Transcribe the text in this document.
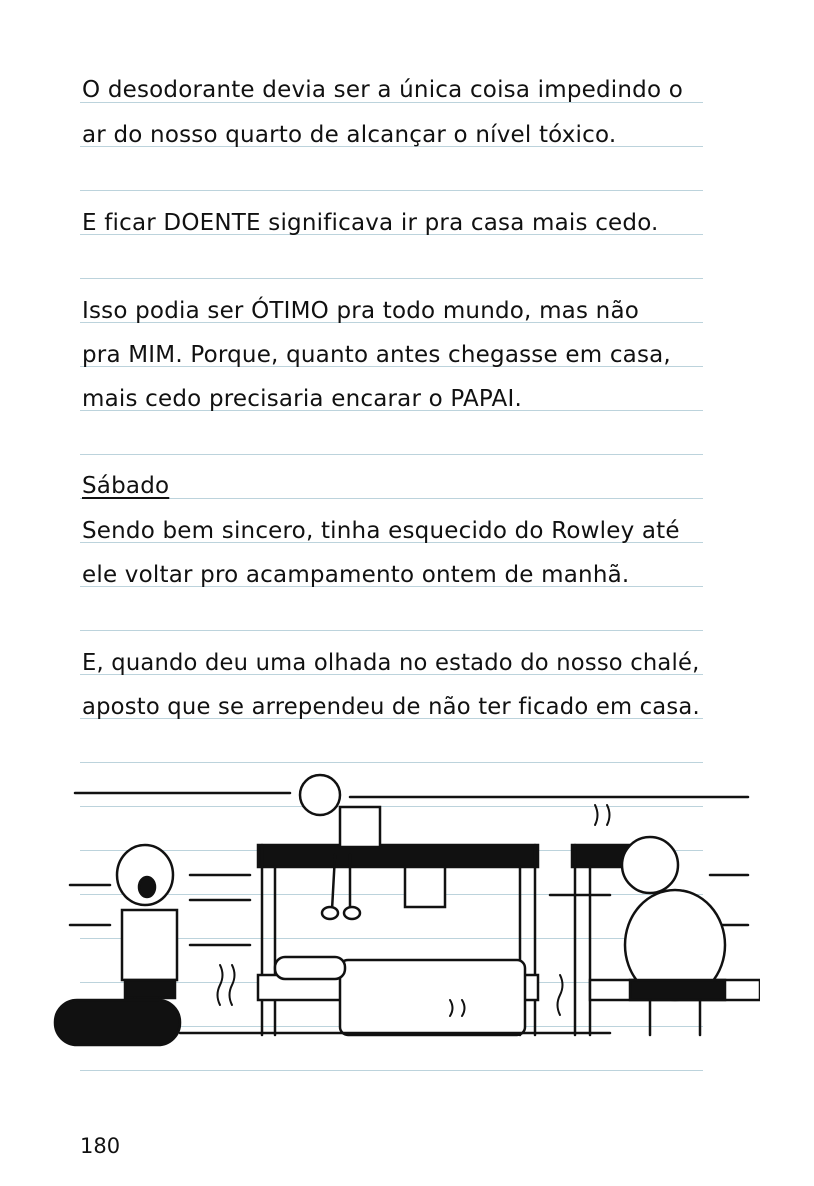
O desodorante devia ser a única coisa impedindo o
ar do nosso quarto de alcançar o nível tóxico.
E ficar DOENTE significava ir pra casa mais cedo.
Isso podia ser ÓTIMO pra todo mundo, mas não
pra MIM. Porque, quanto antes chegasse em casa,
mais cedo precisaria encarar o PAPAI.
Sábado
Sendo bem sincero, tinha esquecido do Rowley até
ele voltar pro acampamento ontem de manhã.
E, quando deu uma olhada no estado do nosso chalé,
aposto que se arrependeu de não ter ficado em casa.
180
